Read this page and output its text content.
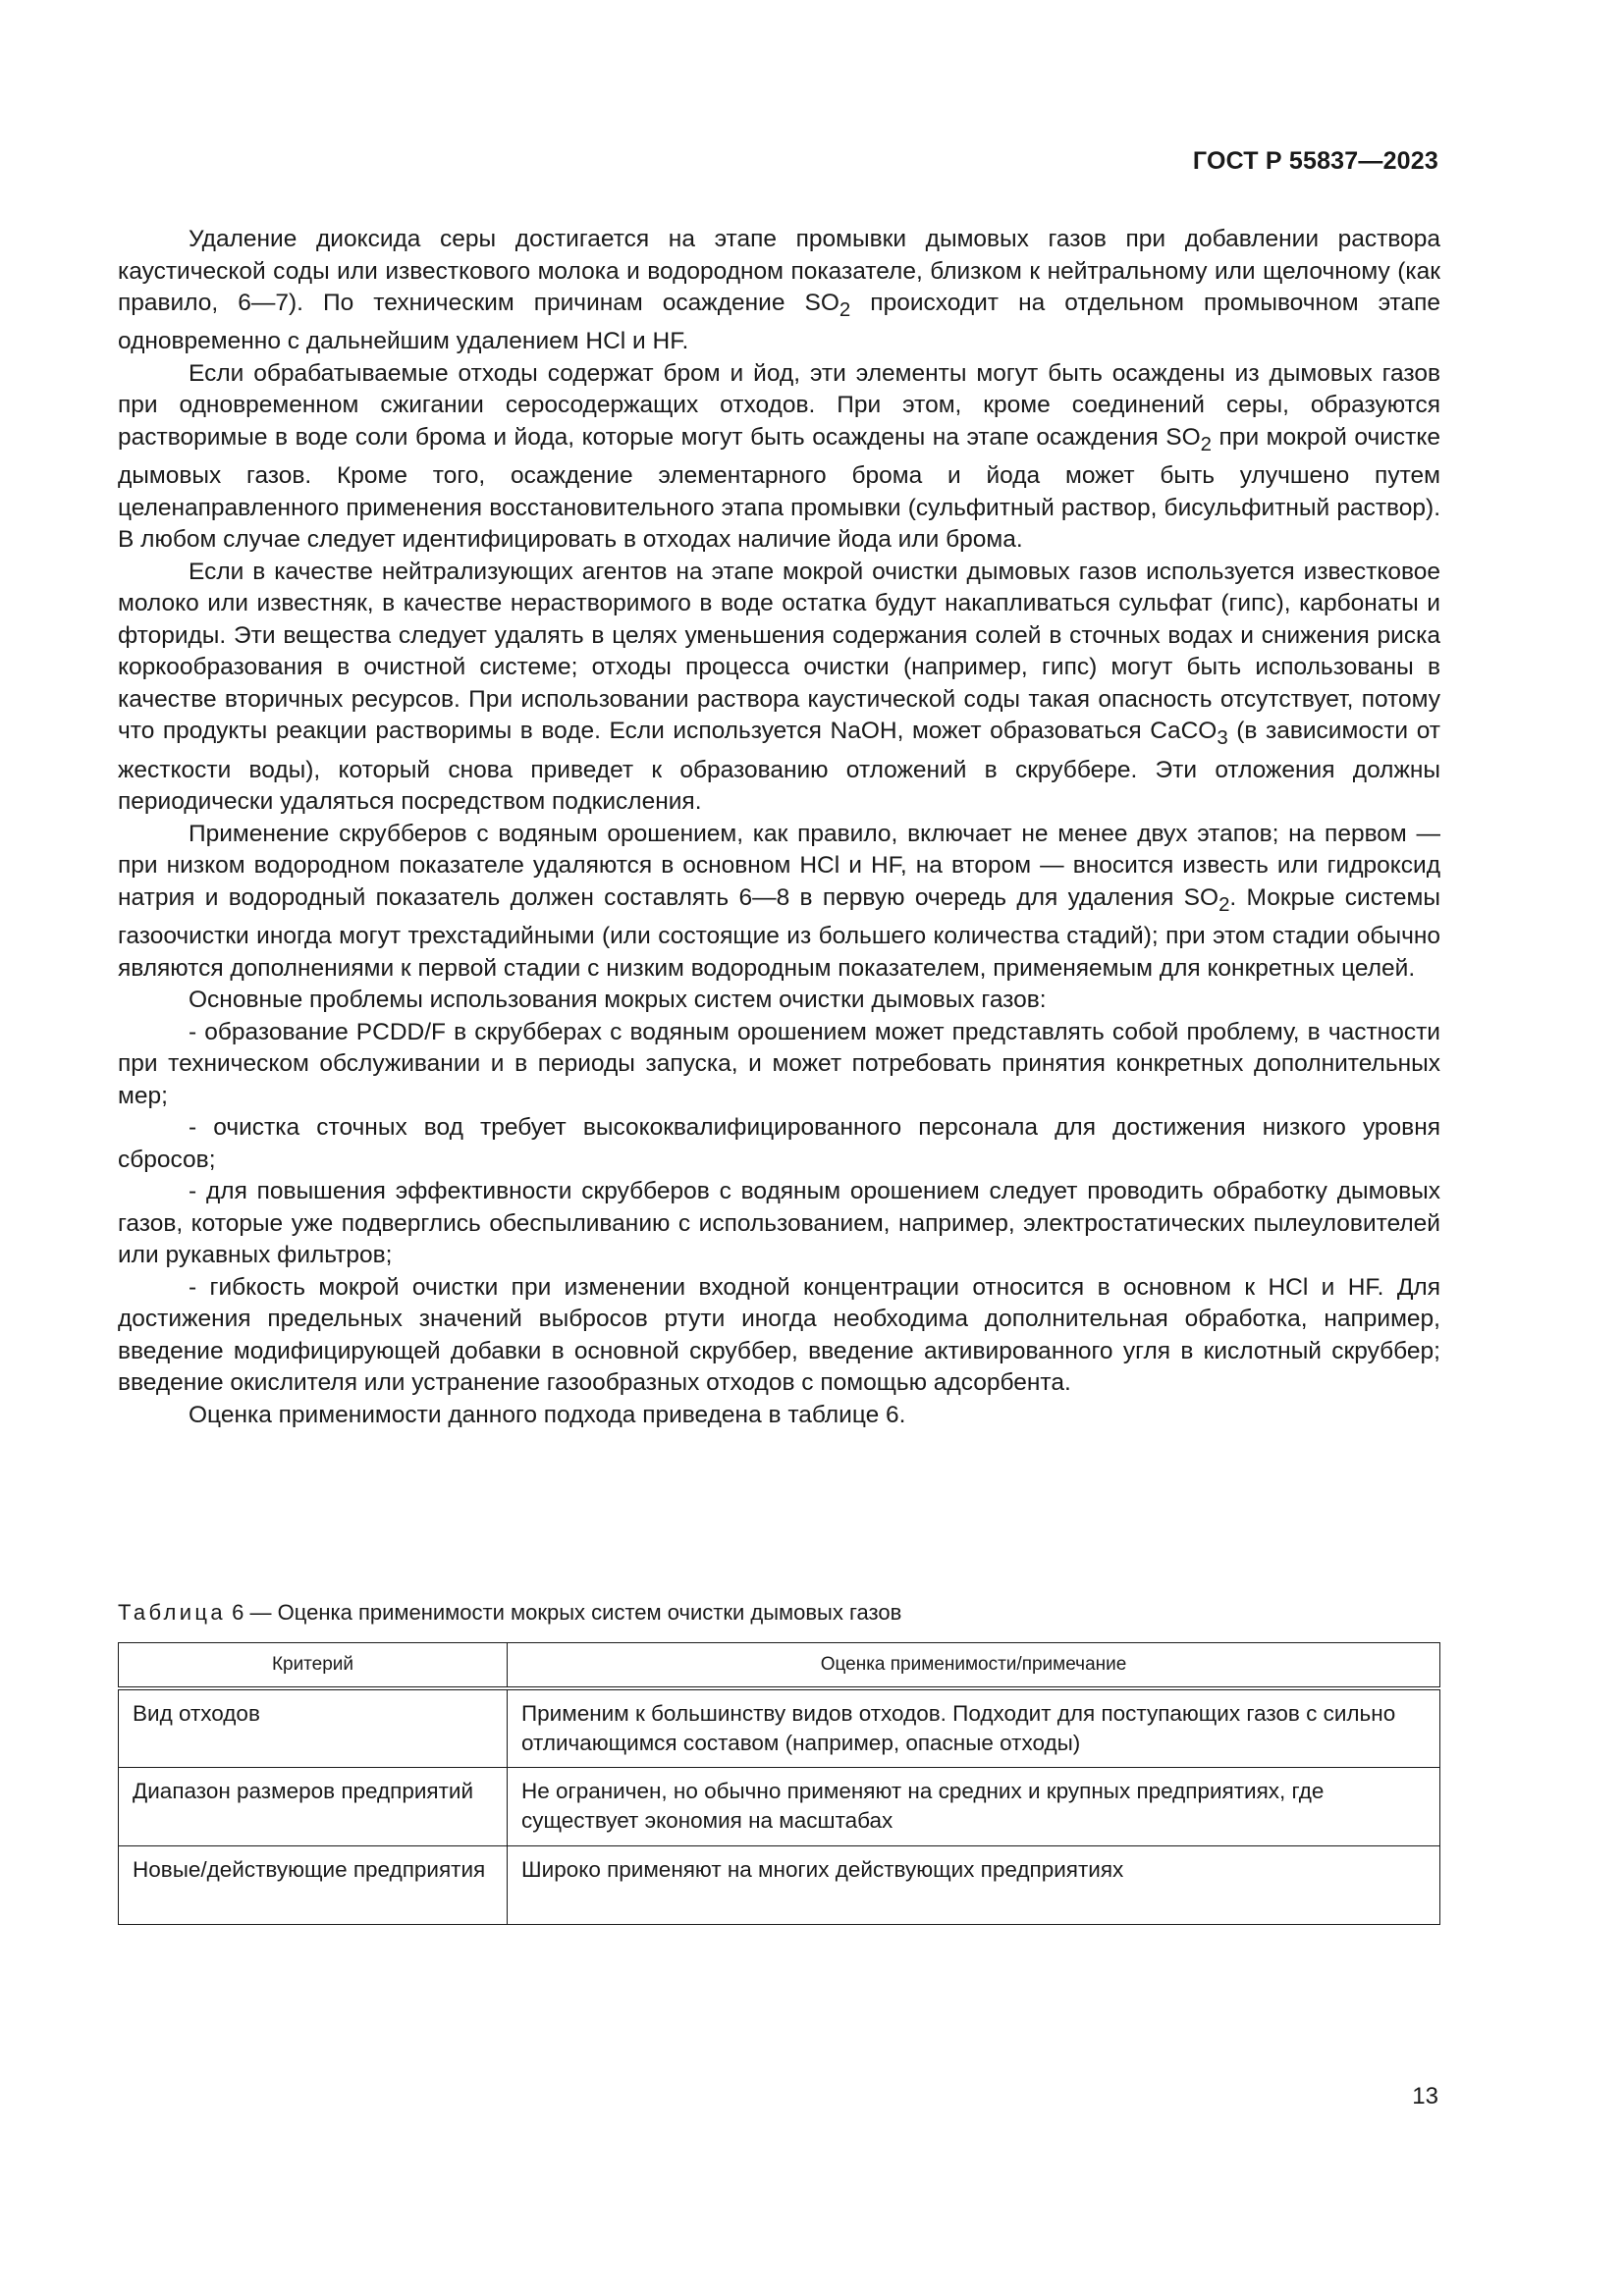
ГОСТ Р 55837—2023

Удаление диоксида серы достигается на этапе промывки дымовых газов при добавлении раствора каустической соды или известкового молока и водородном показателе, близком к нейтральному или щелочному (как правило, 6—7). По техническим причинам осаждение $SO_2$ происходит на отдельном промывочном этапе одновременно с дальнейшим удалением HCl и HF.

Если обрабатываемые отходы содержат бром и йод, эти элементы могут быть осаждены из дымовых газов при одновременном сжигании серосодержащих отходов. При этом, кроме соединений серы, образуются растворимые в воде соли брома и йода, которые могут быть осаждены на этапе осаждения $SO_2$ при мокрой очистке дымовых газов. Кроме того, осаждение элементарного брома и йода может быть улучшено путем целенаправленного применения восстановительного этапа промывки (сульфитный раствор, бисульфитный раствор). В любом случае следует идентифицировать в отходах наличие йода или брома.

Если в качестве нейтрализующих агентов на этапе мокрой очистки дымовых газов используется известковое молоко или известняк, в качестве нерастворимого в воде остатка будут накапливаться сульфат (гипс), карбонаты и фториды. Эти вещества следует удалять в целях уменьшения содержания солей в сточных водах и снижения риска коркообразования в очистной системе; отходы процесса очистки (например, гипс) могут быть использованы в качестве вторичных ресурсов. При использовании раствора каустической соды такая опасность отсутствует, потому что продукты реакции растворимы в воде. Если используется NaOH, может образоваться CaCO$_3$ (в зависимости от жесткости воды), который снова приведет к образованию отложений в скруббере. Эти отложения должны периодически удаляться посредством подкисления.

Применение скрубберов с водяным орошением, как правило, включает не менее двух этапов; на первом — при низком водородном показателе удаляются в основном HCl и HF, на втором — вносится известь или гидроксид натрия и водородный показатель должен составлять 6—8 в первую очередь для удаления $SO_2$. Мокрые системы газоочистки иногда могут трехстадийными (или состоящие из большего количества стадий); при этом стадии обычно являются дополнениями к первой стадии с низким водородным показателем, применяемым для конкретных целей.

Основные проблемы использования мокрых систем очистки дымовых газов:

- образование PCDD/F в скрубберах с водяным орошением может представлять собой проблему, в частности при техническом обслуживании и в периоды запуска, и может потребовать принятия конкретных дополнительных мер;

- очистка сточных вод требует высококвалифицированного персонала для достижения низкого уровня сбросов;

- для повышения эффективности скрубберов с водяным орошением следует проводить обработку дымовых газов, которые уже подверглись обеспыливанию с использованием, например, электростатических пылеуловителей или рукавных фильтров;

- гибкость мокрой очистки при изменении входной концентрации относится в основном к HCl и HF. Для достижения предельных значений выбросов ртути иногда необходима дополнительная обработка, например, введение модифицирующей добавки в основной скруббер, введение активированного угля в кислотный скруббер; введение окислителя или устранение газообразных отходов с помощью адсорбента.

Оценка применимости данного подхода приведена в таблице 6.

Таблица 6 — Оценка применимости мокрых систем очистки дымовых газов
Критерий	Оценка применимости/примечание
Вид отходов	Применим к большинству видов отходов. Подходит для поступающих газов с сильно отличающимся составом (например, опасные отходы)
Диапазон размеров предприятий	Не ограничен, но обычно применяют на средних и крупных предприятиях, где существует экономия на масштабах
Новые/действующие предприятия	Широко применяют на многих действующих предприятиях
13
